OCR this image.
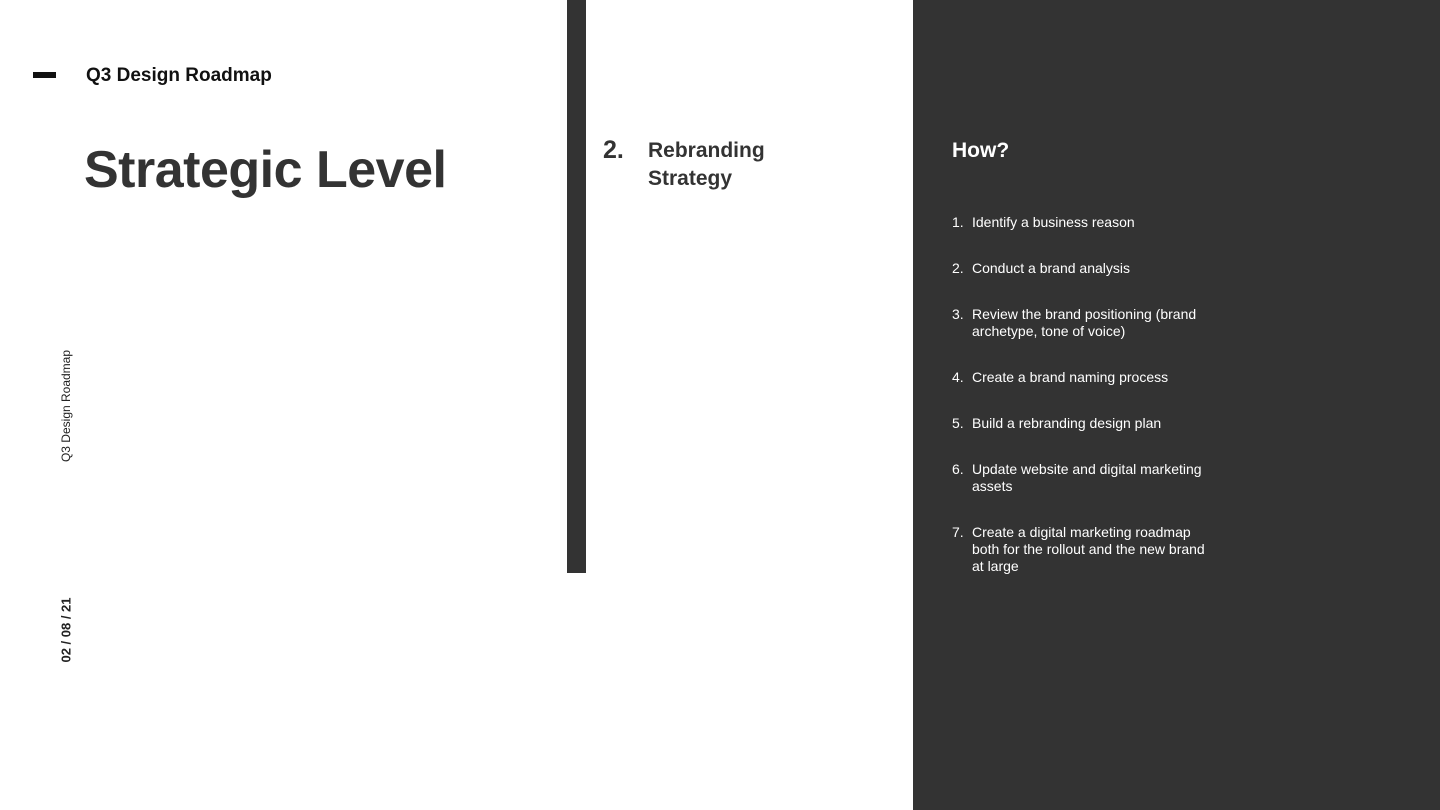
Q3 Design Roadmap
Strategic Level
Q3 Design Roadmap
02 / 08 / 21
2. Rebranding Strategy
How?
1. Identify a business reason
2. Conduct a brand analysis
3. Review the brand positioning (brand archetype, tone of voice)
4. Create a brand naming process
5. Build a rebranding design plan
6. Update website and digital marketing assets
7. Create a digital marketing roadmap both for the rollout and the new brand at large
